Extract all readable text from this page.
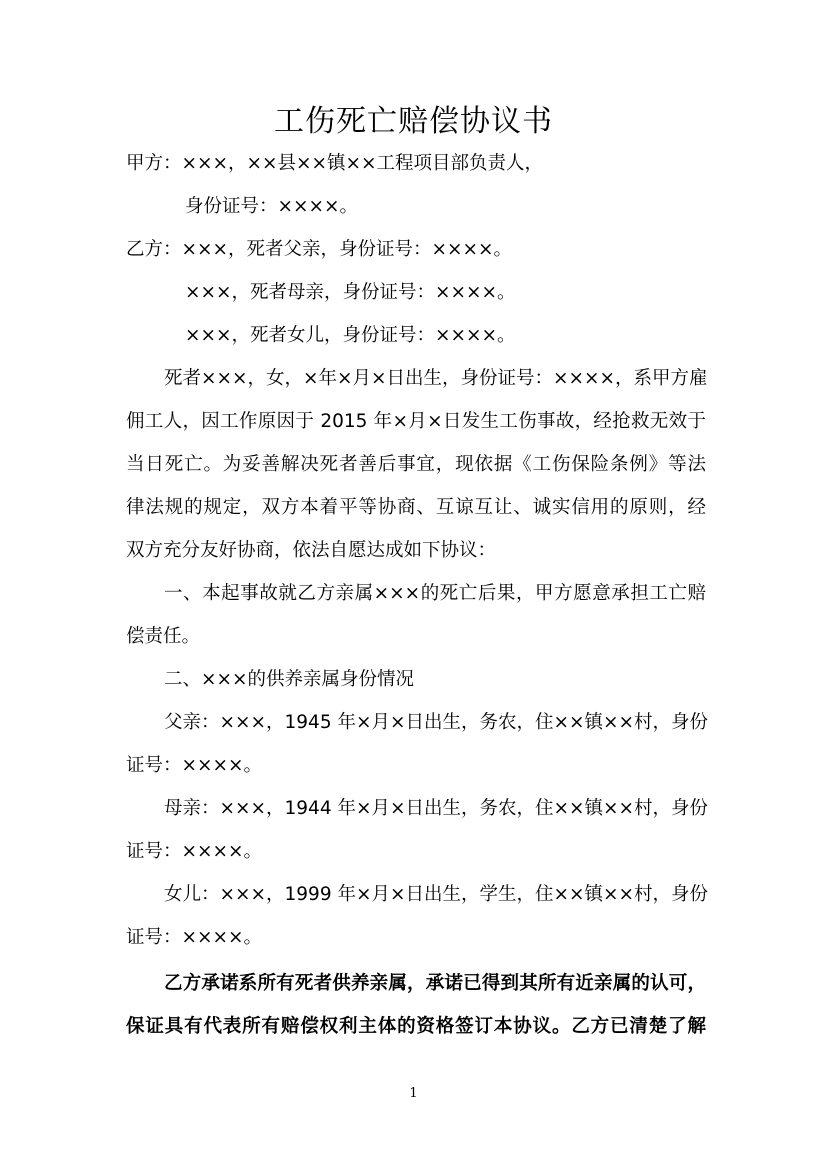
工伤死亡赔偿协议书
甲方：×××，××县××镇××工程项目部负责人，
身份证号：××××。
乙方：×××，死者父亲，身份证号：××××。
×××，死者母亲，身份证号：××××。
×××，死者女儿，身份证号：××××。
死者×××，女，×年×月×日出生，身份证号：××××，系甲方雇
佣工人，因工作原因于 2015 年×月×日发生工伤事故，经抢救无效于
当日死亡。为妥善解决死者善后事宜，现依据《工伤保险条例》等法
律法规的规定，双方本着平等协商、互谅互让、诚实信用的原则，经
双方充分友好协商，依法自愿达成如下协议：
一、本起事故就乙方亲属×××的死亡后果，甲方愿意承担工亡赔
偿责任。
二、×××的供养亲属身份情况
父亲：×××，1945 年×月×日出生，务农，住××镇××村，身份
证号：××××。
母亲：×××，1944 年×月×日出生，务农，住××镇××村，身份
证号：××××。
女儿：×××，1999 年×月×日出生，学生，住××镇××村，身份
证号：××××。
乙方承诺系所有死者供养亲属，承诺已得到其所有近亲属的认可，
保证具有代表所有赔偿权利主体的资格签订本协议。乙方已清楚了解
1
